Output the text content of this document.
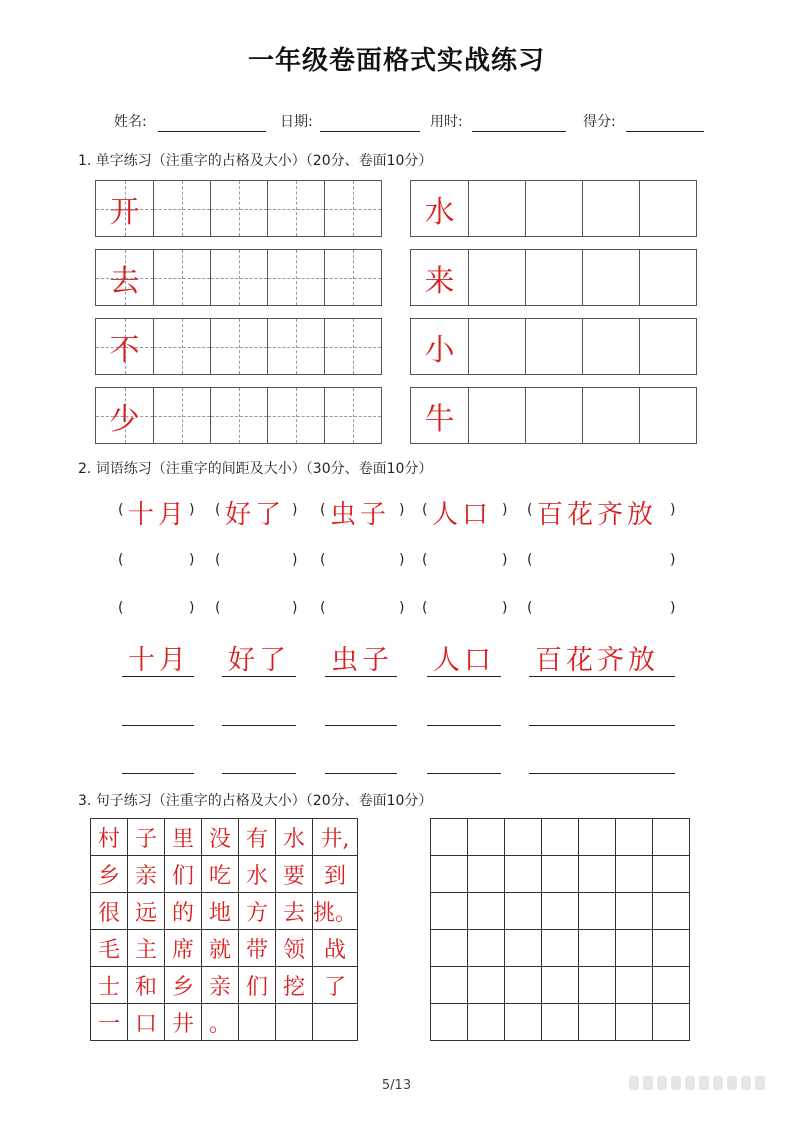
一年级卷面格式实战练习
姓名:	日期:	用时:	得分:
1. 单字练习（注重字的占格及大小）（20分、卷面10分）
开
去
不
少
水
来
小
牛
2. 词语练习（注重字的间距及大小）（30分、卷面10分）
(	)
十月 (	)
好了 (	)
虫子 (	)
人口 (	)
百花齐放
(	) (	) (	) (	) (	)
(	) (	) (	) (	) (	)
十月 好了 虫子 人口 百花齐放
3. 句子练习（注重字的占格及大小）（20分、卷面10分）
村	子	里	没	有	水	井,
乡	亲	们	吃	水	要	到
很	远	的	地	方	去	挑。
毛	主	席	就	带	领	战
士	和	乡	亲	们	挖	了
一	口	井	。			

5/13
